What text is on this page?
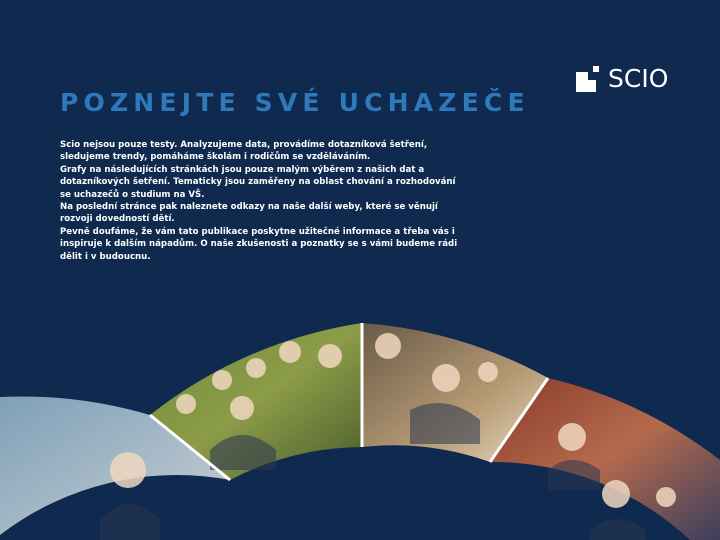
SCIO
POZNEJTE SVÉ UCHAZEČE

Scio nejsou pouze testy. Analyzujeme data, provádíme dotazníková šetření, sledujeme trendy, pomáháme školám i rodičům se vzděláváním.

Grafy na následujících stránkách jsou pouze malým výběrem z našich dat a dotazníkových šetření. Tematicky jsou zaměřeny na oblast chování a rozhodování se uchazečů o studium na VŠ.

Na poslední stránce pak naleznete odkazy na naše další weby, které se věnují rozvoji dovedností dětí.

Pevně doufáme, že vám tato publikace poskytne užitečné informace a třeba vás i inspiruje k dalším nápadům. O naše zkušenosti a poznatky se s vámi budeme rádi dělit i v budoucnu.
